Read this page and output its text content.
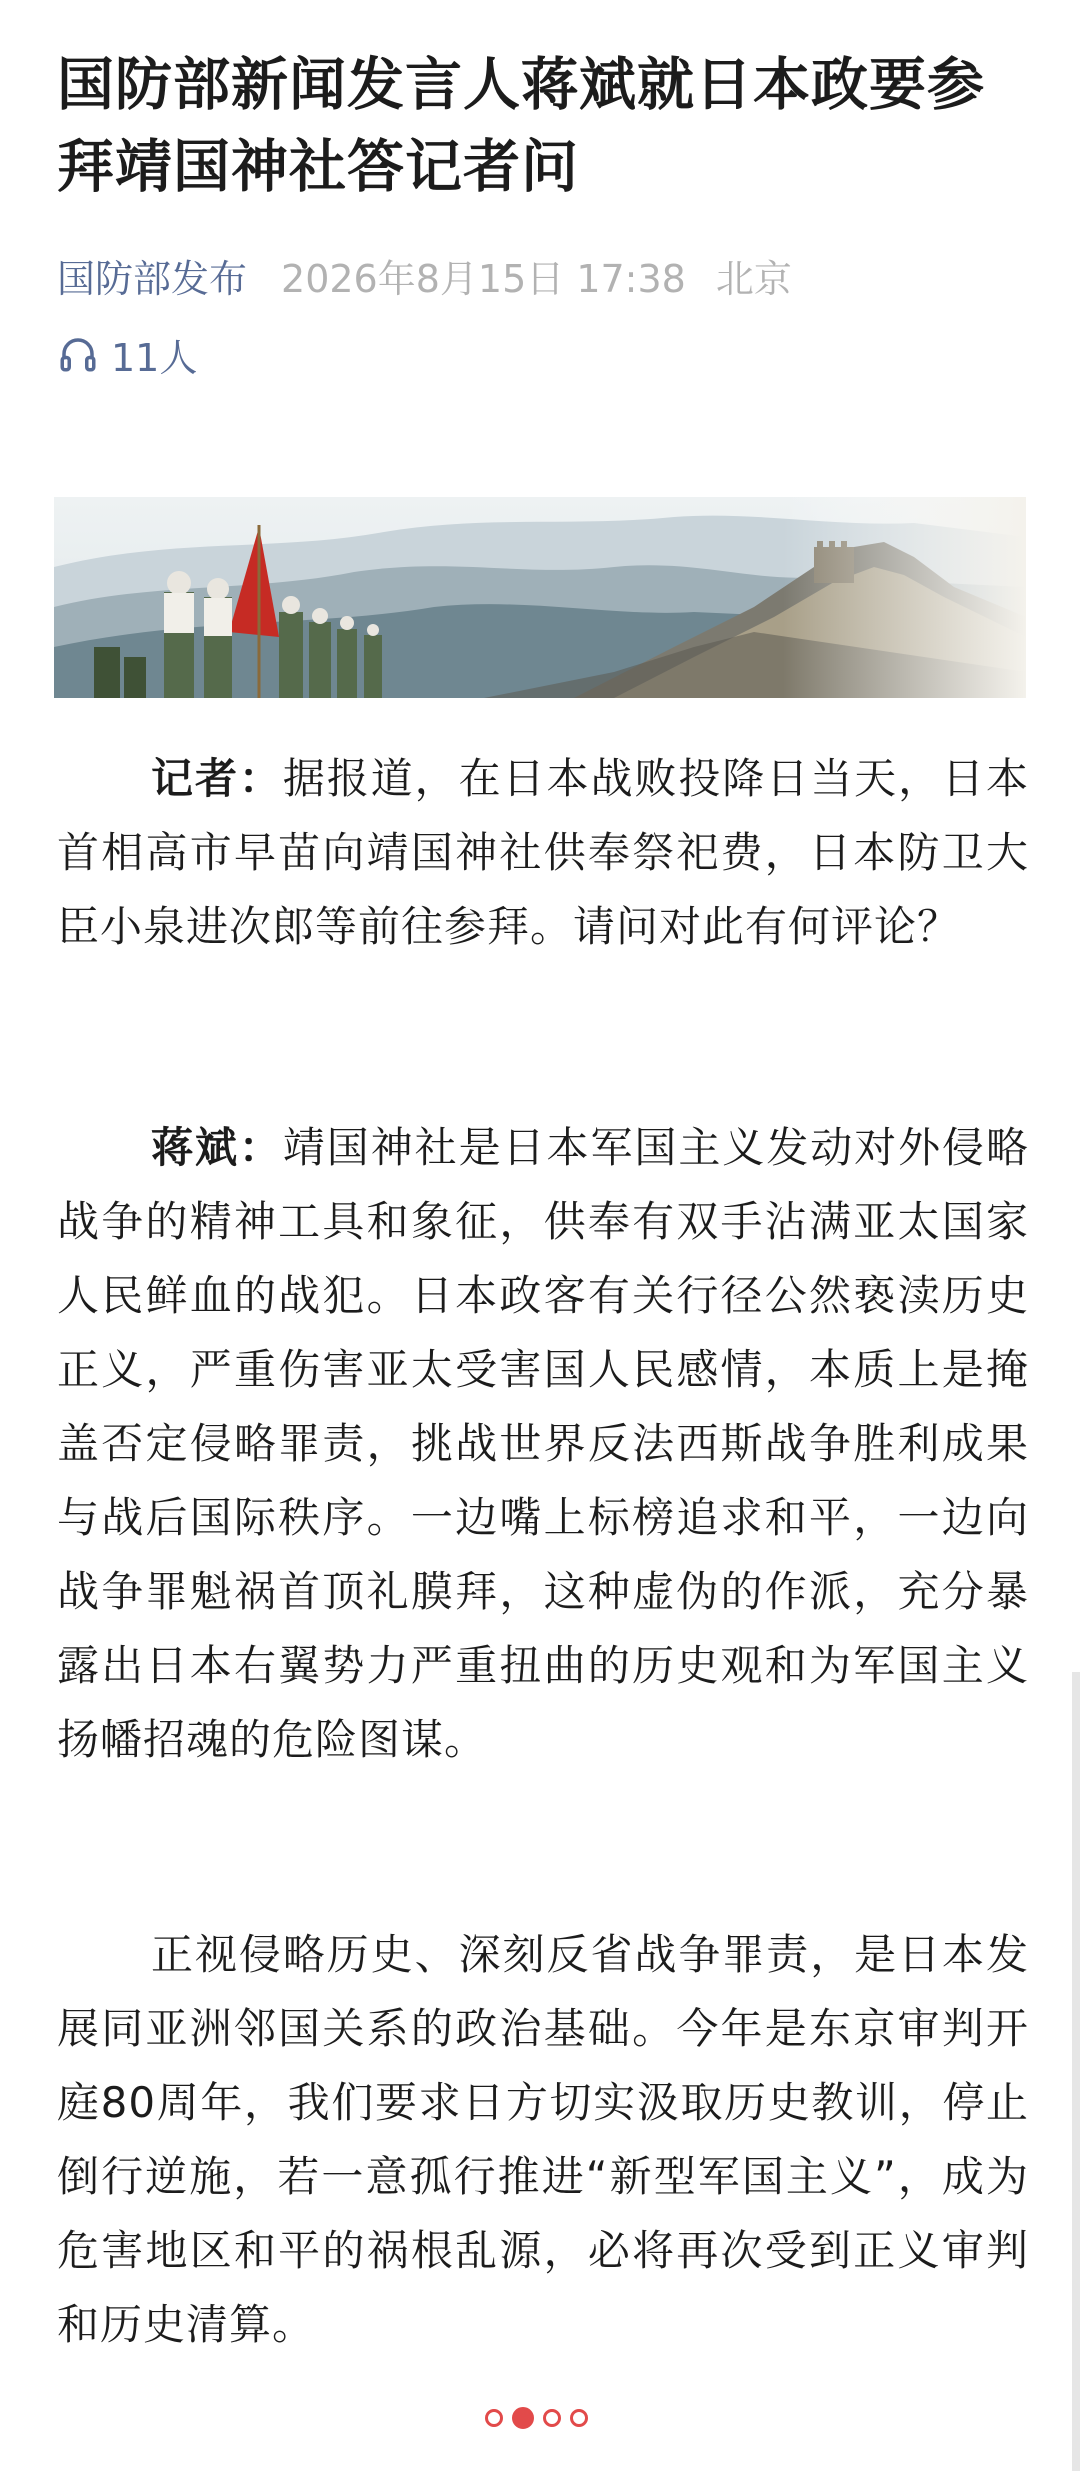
国防部新闻发言人蒋斌就日本政要参拜靖国神社答记者问
国防部发布 2026年8月15日 17:38 北京
11人
记者：据报道，在日本战败投降日当天，日本首相高市早苗向靖国神社供奉祭祀费，日本防卫大臣小泉进次郎等前往参拜。请问对此有何评论？
蒋斌：靖国神社是日本军国主义发动对外侵略战争的精神工具和象征，供奉有双手沾满亚太国家人民鲜血的战犯。日本政客有关行径公然亵渎历史正义，严重伤害亚太受害国人民感情，本质上是掩盖否定侵略罪责，挑战世界反法西斯战争胜利成果与战后国际秩序。一边嘴上标榜追求和平，一边向战争罪魁祸首顶礼膜拜，这种虚伪的作派，充分暴露出日本右翼势力严重扭曲的历史观和为军国主义扬幡招魂的危险图谋。
正视侵略历史、深刻反省战争罪责，是日本发展同亚洲邻国关系的政治基础。今年是东京审判开庭80周年，我们要求日方切实汲取历史教训，停止倒行逆施，若一意孤行推进“新型军国主义”，成为危害地区和平的祸根乱源，必将再次受到正义审判和历史清算。
